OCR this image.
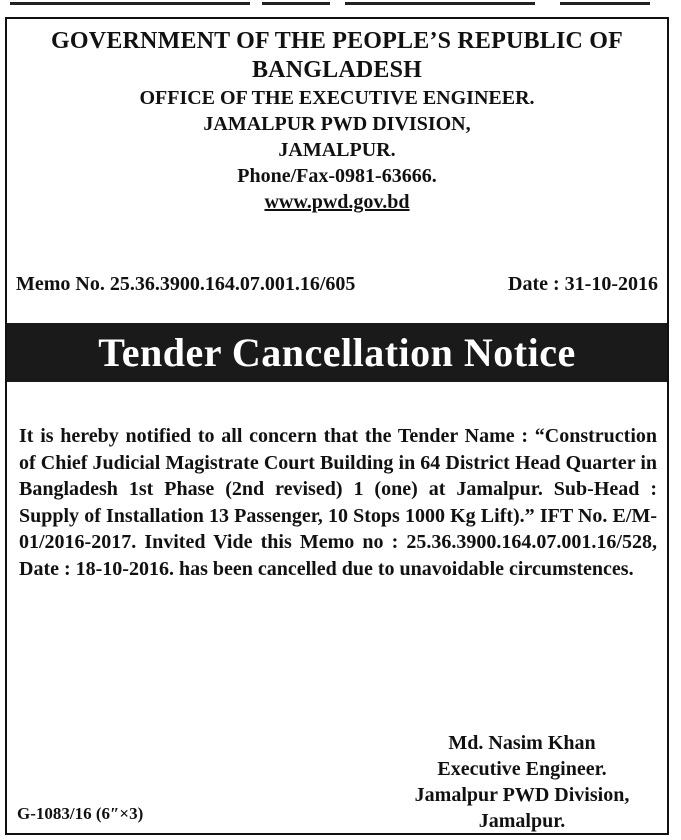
GOVERNMENT OF THE PEOPLE’S REPUBLIC OF BANGLADESH
OFFICE OF THE EXECUTIVE ENGINEER.
JAMALPUR PWD DIVISION,
JAMALPUR.
Phone/Fax-0981-63666.
www.pwd.gov.bd
Memo No. 25.36.3900.164.07.001.16/605	Date : 31-10-2016
Tender Cancellation Notice
It is hereby notified to all concern that the Tender Name : “Construction of Chief Judicial Magistrate Court Building in 64 District Head Quarter in Bangladesh 1st Phase (2nd revised) 1 (one) at Jamalpur. Sub-Head : Supply of Installation 13 Passenger, 10 Stops 1000 Kg Lift).” IFT No. E/M-01/2016-2017. Invited Vide this Memo no : 25.36.3900.164.07.001.16/528, Date : 18-10-2016. has been cancelled due to unavoidable circumstences.
Md. Nasim Khan
Executive Engineer.
Jamalpur PWD Division,
Jamalpur.
G-1083/16 (6″×3)
